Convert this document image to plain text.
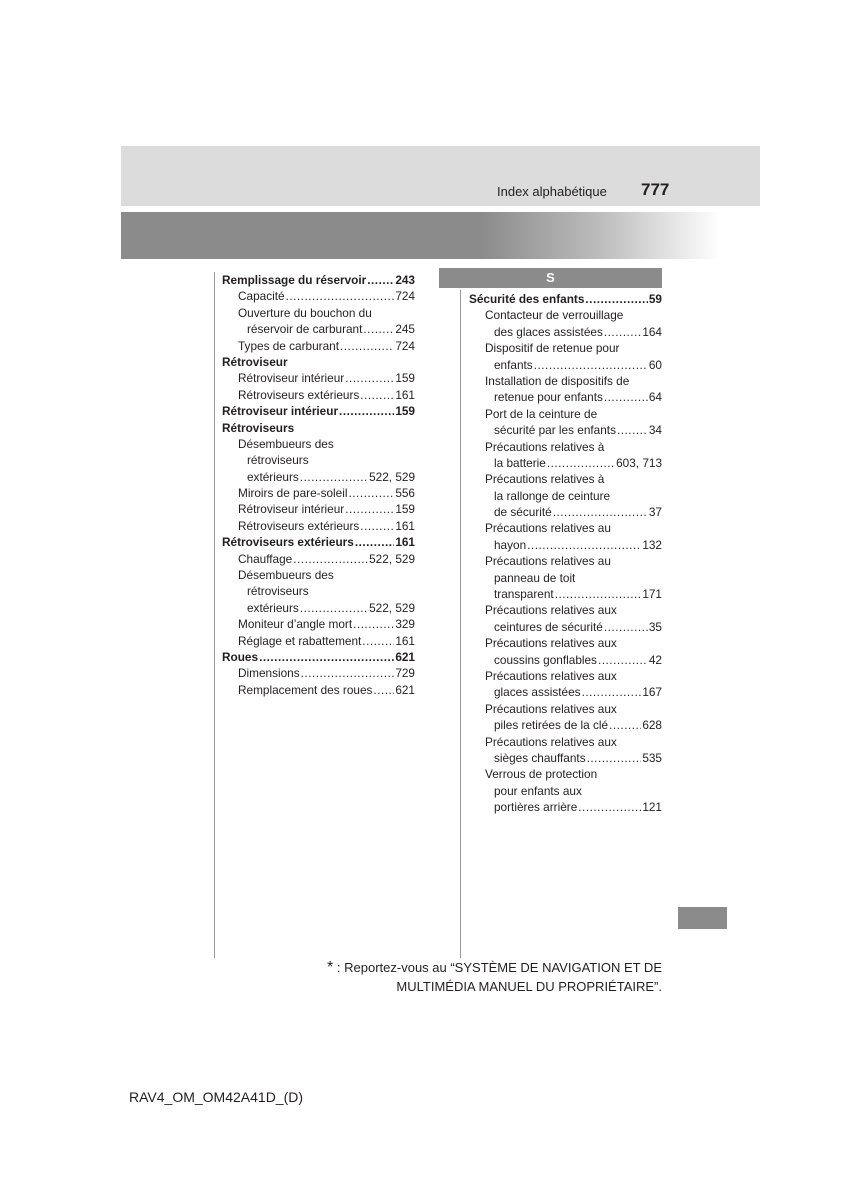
Index alphabétique 777
Remplissage du réservoir ..... 243
Capacité .....	724
Ouverture du bouchon du
réservoir de carburant .....	245
Types de carburant .....	724
Rétroviseur
Rétroviseur intérieur .....	159
Rétroviseurs extérieurs .....	161
Rétroviseur intérieur .....	159
Rétroviseurs
Désembueurs des
rétroviseurs
extérieurs .....	522, 529
Miroirs de pare-soleil .....	556
Rétroviseur intérieur .....	159
Rétroviseurs extérieurs .....	161
Rétroviseurs extérieurs .....	161
Chauffage .....	522, 529
Désembueurs des
rétroviseurs
extérieurs .....	522, 529
Moniteur d’angle mort .....	329
Réglage et rabattement .....	161
Roues .....	621
Dimensions .....	729
Remplacement des roues ..... 621
S
Sécurité des enfants .....	59
Contacteur de verrouillage
des glaces assistées .....	164
Dispositif de retenue pour
enfants .....	60
Installation de dispositifs de
retenue pour enfants .....	64
Port de la ceinture de
sécurité par les enfants .....	34
Précautions relatives à
la batterie .....	603, 713
Précautions relatives à
la rallonge de ceinture
de sécurité .....	37
Précautions relatives au
hayon .....	132
Précautions relatives au
panneau de toit
transparent .....	171
Précautions relatives aux
ceintures de sécurité .....	35
Précautions relatives aux
coussins gonflables .....	42
Précautions relatives aux
glaces assistées .....	167
Précautions relatives aux
piles retirées de la clé .....	628
Précautions relatives aux
sièges chauffants .....	535
Verrous de protection
pour enfants aux
portières arrière .....	121
* : Reportez-vous au “SYSTÈME DE NAVIGATION ET DE
MULTIMÉDIA MANUEL DU PROPRIÉTAIRE”.
RAV4_OM_OM42A41D_(D)
